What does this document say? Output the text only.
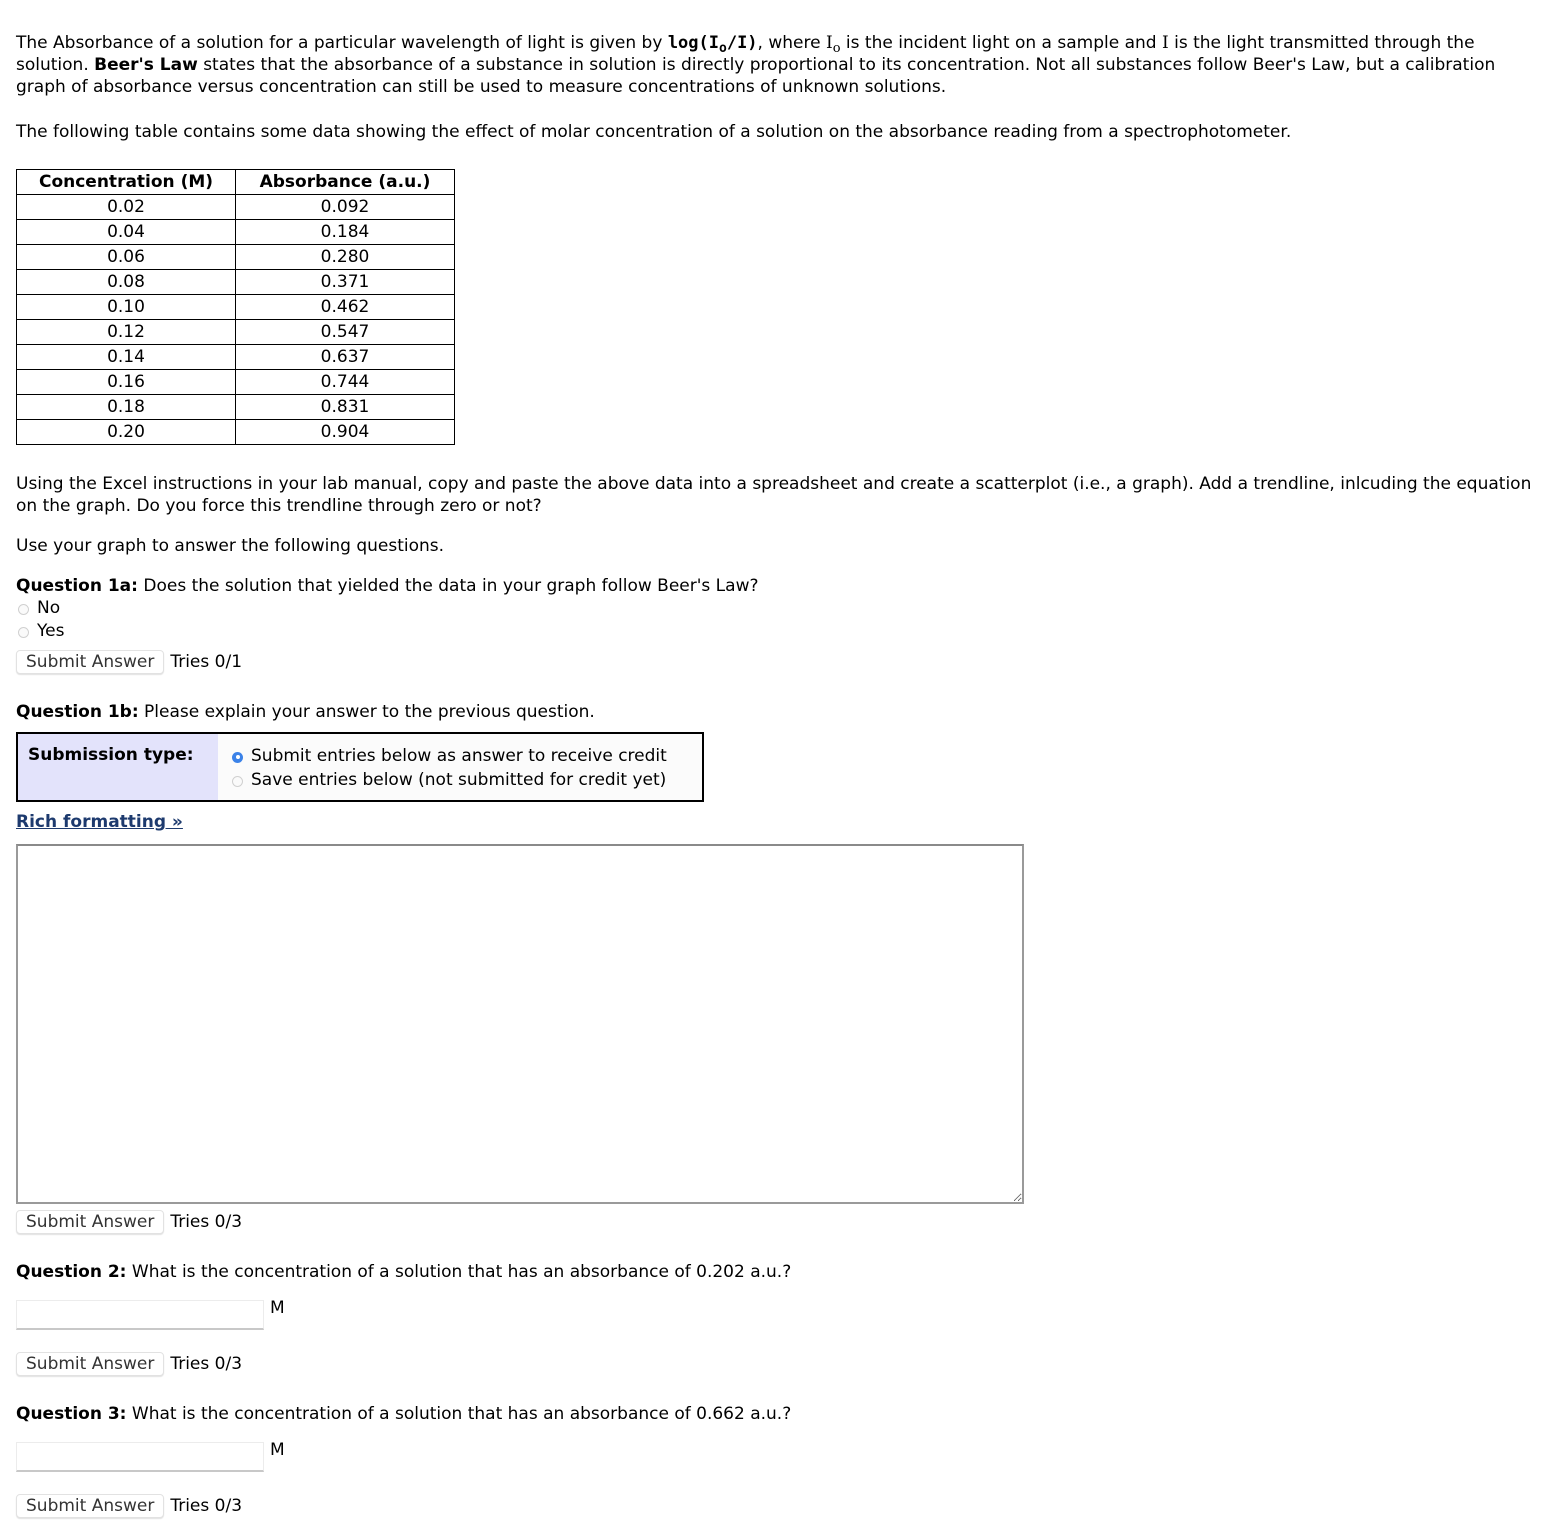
The Absorbance of a solution for a particular wavelength of light is given by $\log(I_o/I)$, where $I_o$ is the incident light on a sample and I is the light transmitted through the solution. Beer's Law states that the absorbance of a substance in solution is directly proportional to its concentration. Not all substances follow Beer's Law, but a calibration graph of absorbance versus concentration can still be used to measure concentrations of unknown solutions.

The following table contains some data showing the effect of molar concentration of a solution on the absorbance reading from a spectrophotometer.

Concentration (M)	Absorbance (a.u.)
0.02	0.092
0.04	0.184
0.06	0.280
0.08	0.371
0.10	0.462
0.12	0.547
0.14	0.637
0.16	0.744
0.18	0.831
0.20	0.904

Using the Excel instructions in your lab manual, copy and paste the above data into a spreadsheet and create a scatterplot (i.e., a graph). Add a trendline, inlcuding the equation on the graph. Do you force this trendline through zero or not?

Use your graph to answer the following questions.

Question 1a: Does the solution that yielded the data in your graph follow Beer's Law?

No
Yes
Submit Answer Tries 0/1

Question 1b: Please explain your answer to the previous question.

Submission type:	Submit entries below as answer to receive credit
Save entries below (not submitted for credit yet)
Rich formatting »
Submit Answer Tries 0/3

Question 2: What is the concentration of a solution that has an absorbance of 0.202 a.u.?

M
Submit Answer Tries 0/3

Question 3: What is the concentration of a solution that has an absorbance of 0.662 a.u.?

M
Submit Answer Tries 0/3
